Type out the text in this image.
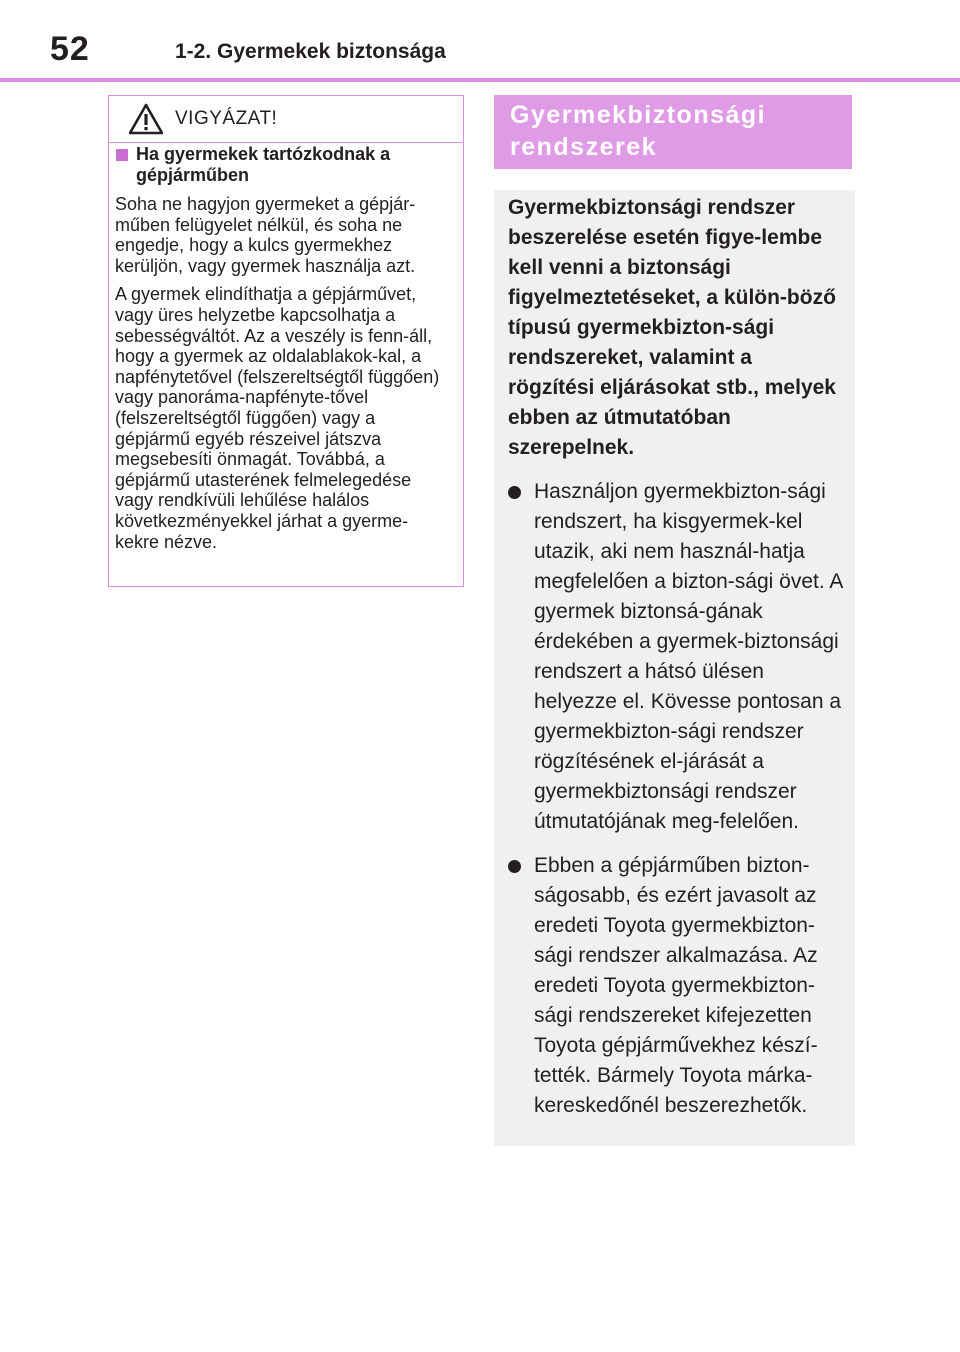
52	1-2. Gyermekek biztonsága
VIGYÁZAT!
Ha gyermekek tartózkodnak a gépjárműben

Soha ne hagyjon gyermeket a gépjár-műben felügyelet nélkül, és soha ne engedje, hogy a kulcs gyermekhez kerüljön, vagy gyermek használja azt.

A gyermek elindíthatja a gépjárművet, vagy üres helyzetbe kapcsolhatja a sebességváltót. Az a veszély is fenn-áll, hogy a gyermek az oldalablakok-kal, a napfénytetővel (felszereltségtől függően) vagy panoráma-napfényte-tővel (felszereltségtől függően) vagy a gépjármű egyéb részeivel játszva megsebesíti önmagát. Továbbá, a gépjármű utasterének felmelegedése vagy rendkívüli lehűlése halálos következményekkel járhat a gyerme-kekre nézve.

Gyermekbiztonsági rendszerek
Gyermekbiztonsági rendszer beszerelése esetén figye-lembe kell venni a biztonsági figyelmeztetéseket, a külön-böző típusú gyermekbizton-sági rendszereket, valamint a rögzítési eljárásokat stb., melyek ebben az útmutatóban szerepelnek.
Használjon gyermekbizton-sági rendszert, ha kisgyermek-kel utazik, aki nem használ-hatja megfelelően a bizton-sági övet. A gyermek biztonsá-gának érdekében a gyermek-biztonsági rendszert a hátsó ülésen helyezze el. Kövesse pontosan a gyermekbizton-sági rendszer rögzítésének el-járását a gyermekbiztonsági rendszer útmutatójának meg-felelően.
Ebben a gépjárműben bizton-ságosabb, és ezért javasolt az eredeti Toyota gyermekbizton-sági rendszer alkalmazása. Az eredeti Toyota gyermekbizton-sági rendszereket kifejezetten Toyota gépjárművekhez készí-tették. Bármely Toyota márka-kereskedőnél beszerezhetők.
